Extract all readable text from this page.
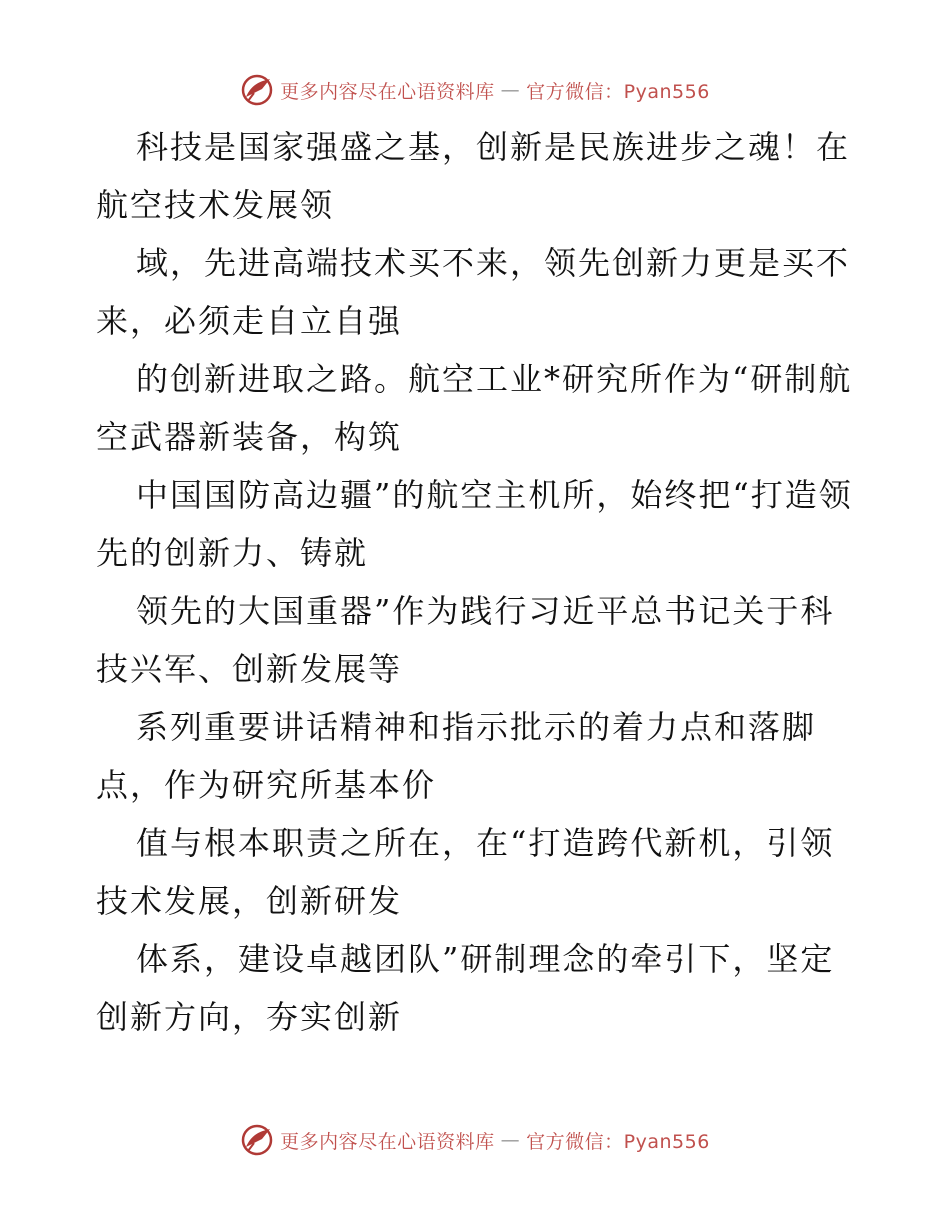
更多内容尽在心语资料库 — 官方微信：Pyan556

科技是国家强盛之基，创新是民族进步之魂！在航空技术发展领

域，先进高端技术买不来，领先创新力更是买不来，必须走自立自强

的创新进取之路。航空工业*研究所作为“研制航空武器新装备，构筑

中国国防高边疆”的航空主机所，始终把“打造领先的创新力、铸就

领先的大国重器”作为践行习近平总书记关于科技兴军、创新发展等

系列重要讲话精神和指示批示的着力点和落脚点，作为研究所基本价

值与根本职责之所在，在“打造跨代新机，引领技术发展，创新研发

体系，建设卓越团队”研制理念的牵引下，坚定创新方向，夯实创新

更多内容尽在心语资料库 — 官方微信：Pyan556
